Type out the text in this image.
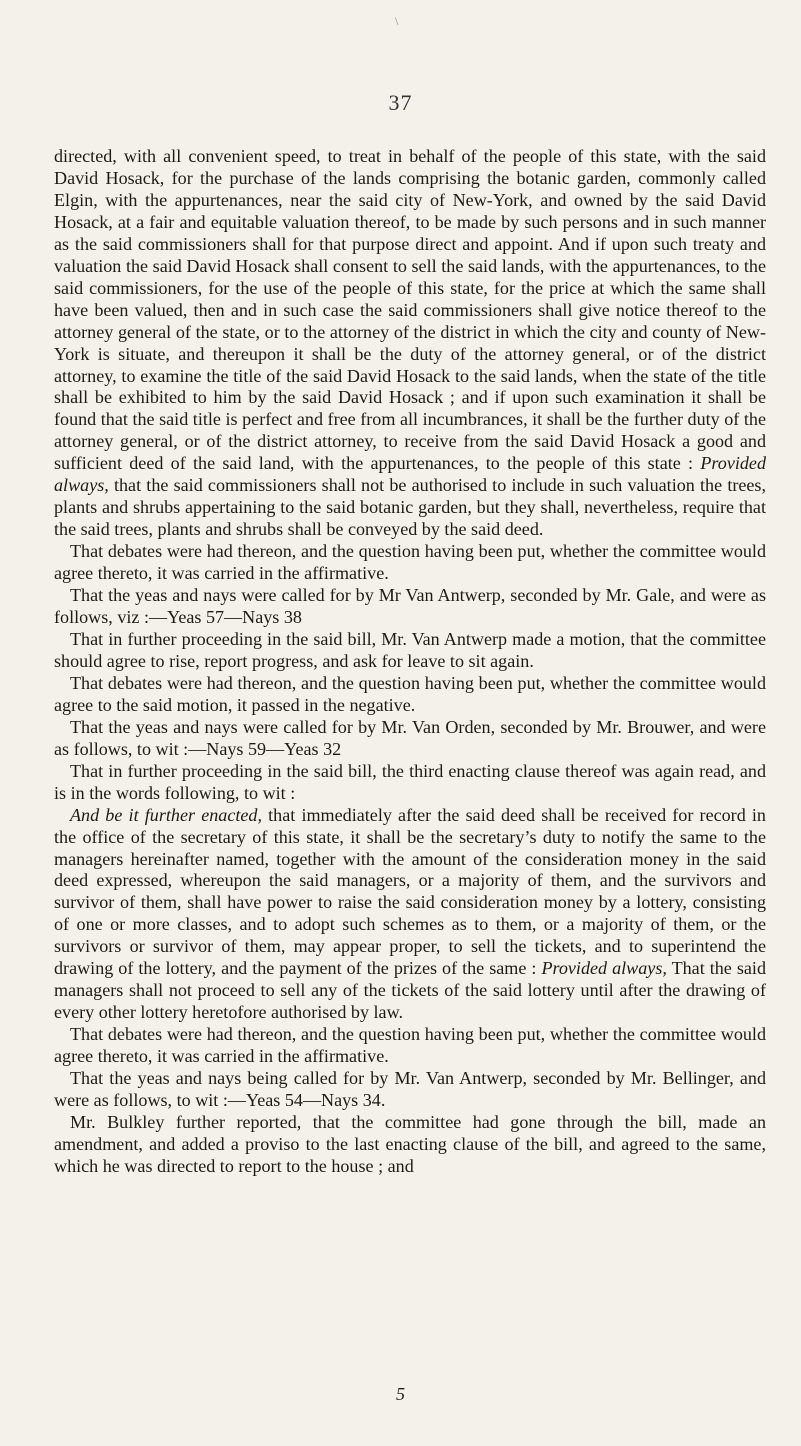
\
37

directed, with all convenient speed, to treat in behalf of the people of this state, with the said David Hosack, for the purchase of the lands comprising the botanic garden, commonly called Elgin, with the appurtenances, near the said city of New-York, and owned by the said David Hosack, at a fair and equitable valuation thereof, to be made by such persons and in such manner as the said commissioners shall for that purpose direct and appoint. And if upon such treaty and valuation the said David Hosack shall consent to sell the said lands, with the appurtenances, to the said commissioners, for the use of the people of this state, for the price at which the same shall have been valued, then and in such case the said commissioners shall give notice thereof to the attorney general of the state, or to the attorney of the district in which the city and county of New-York is situate, and thereupon it shall be the duty of the attorney general, or of the district attorney, to examine the title of the said David Hosack to the said lands, when the state of the title shall be exhibited to him by the said David Hosack ; and if upon such examination it shall be found that the said title is perfect and free from all incumbrances, it shall be the further duty of the attorney general, or of the district attorney, to receive from the said David Hosack a good and sufficient deed of the said land, with the appurtenances, to the people of this state : Provided always, that the said commissioners shall not be authorised to include in such valuation the trees, plants and shrubs appertaining to the said botanic garden, but they shall, nevertheless, require that the said trees, plants and shrubs shall be conveyed by the said deed.

That debates were had thereon, and the question having been put, whether the committee would agree thereto, it was carried in the affirmative.

That the yeas and nays were called for by Mr Van Antwerp, seconded by Mr. Gale, and were as follows, viz :—Yeas 57—Nays 38

That in further proceeding in the said bill, Mr. Van Antwerp made a motion, that the committee should agree to rise, report progress, and ask for leave to sit again.

That debates were had thereon, and the question having been put, whether the committee would agree to the said motion, it passed in the negative.

That the yeas and nays were called for by Mr. Van Orden, seconded by Mr. Brouwer, and were as follows, to wit :—Nays 59—Yeas 32

That in further proceeding in the said bill, the third enacting clause thereof was again read, and is in the words following, to wit :

And be it further enacted, that immediately after the said deed shall be received for record in the office of the secretary of this state, it shall be the secretary’s duty to notify the same to the managers hereinafter named, together with the amount of the consideration money in the said deed expressed, whereupon the said managers, or a majority of them, and the survivors and survivor of them, shall have power to raise the said consideration money by a lottery, consisting of one or more classes, and to adopt such schemes as to them, or a majority of them, or the survivors or survivor of them, may appear proper, to sell the tickets, and to superintend the drawing of the lottery, and the payment of the prizes of the same : Provided always, That the said managers shall not proceed to sell any of the tickets of the said lottery until after the drawing of every other lottery heretofore authorised by law.

That debates were had thereon, and the question having been put, whether the committee would agree thereto, it was carried in the affirmative.

That the yeas and nays being called for by Mr. Van Antwerp, seconded by Mr. Bellinger, and were as follows, to wit :—Yeas 54—Nays 34.

Mr. Bulkley further reported, that the committee had gone through the bill, made an amendment, and added a proviso to the last enacting clause of the bill, and agreed to the same, which he was directed to report to the house ; and

5
